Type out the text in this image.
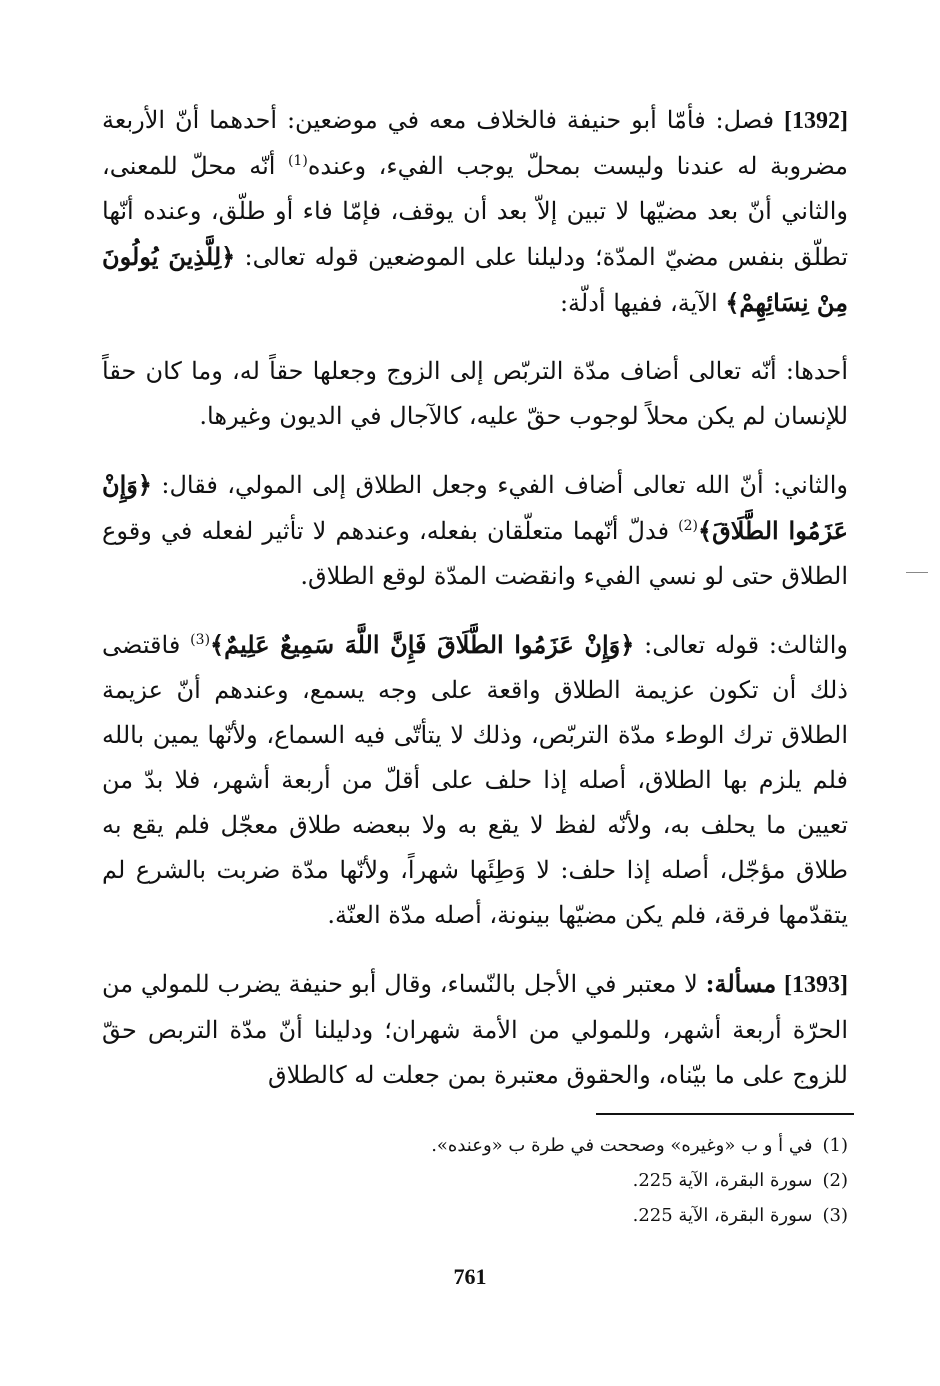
[1392] فصل: فأمّا أبو حنيفة فالخلاف معه في موضعين: أحدهما أنّ الأربعة مضروبة له عندنا وليست بمحلّ يوجب الفيء، وعنده$^{(1)}$ أنّه محلّ للمعنى، والثاني أنّ بعد مضيّها لا تبين إلاّ بعد أن يوقف، فإمّا فاء أو طلّق، وعنده أنّها تطلّق بنفس مضيّ المدّة؛ ودليلنا على الموضعين قوله تعالى: ﴿لِلَّذِينَ يُولُونَ مِنْ نِسَائِهِمْ﴾ الآية، ففيها أدلّة:

أحدها: أنّه تعالى أضاف مدّة التربّص إلى الزوج وجعلها حقاً له، وما كان حقاً للإنسان لم يكن محلاً لوجوب حقّ عليه، كالآجال في الديون وغيرها.

والثاني: أنّ الله تعالى أضاف الفيء وجعل الطلاق إلى المولي، فقال: ﴿وَإِنْ عَزَمُوا الطَّلَاقَ﴾$^{(2)}$ فدلّ أنّهما متعلّقان بفعله، وعندهم لا تأثير لفعله في وقوع الطلاق حتى لو نسي الفيء وانقضت المدّة لوقع الطلاق.

والثالث: قوله تعالى: ﴿وَإِنْ عَزَمُوا الطَّلَاقَ فَإِنَّ اللَّهَ سَمِيعٌ عَلِيمٌ﴾$^{(3)}$ فاقتضى ذلك أن تكون عزيمة الطلاق واقعة على وجه يسمع، وعندهم أنّ عزيمة الطلاق ترك الوطء مدّة التربّص، وذلك لا يتأتّى فيه السماع، ولأنّها يمين بالله فلم يلزم بها الطلاق، أصله إذا حلف على أقلّ من أربعة أشهر، فلا بدّ من تعيين ما يحلف به، ولأنّه لفظ لا يقع به ولا ببعضه طلاق معجّل فلم يقع به طلاق مؤجّل، أصله إذا حلف: لا وَطِئَها شهراً، ولأنّها مدّة ضربت بالشرع لم يتقدّمها فرقة، فلم يكن مضيّها بينونة، أصله مدّة العنّة.

[1393] مسألة: لا معتبر في الأجل بالنّساء، وقال أبو حنيفة يضرب للمولي من الحرّة أربعة أشهر، وللمولي من الأمة شهران؛ ودليلنا أنّ مدّة التربص حقّ للزوج على ما بيّناه، والحقوق معتبرة بمن جعلت له كالطلاق

(1)في أ و ب «وغيره» وصححت في طرة ب «وعنده».

(2)سورة البقرة، الآية 225.

(3)سورة البقرة، الآية 225.

761
